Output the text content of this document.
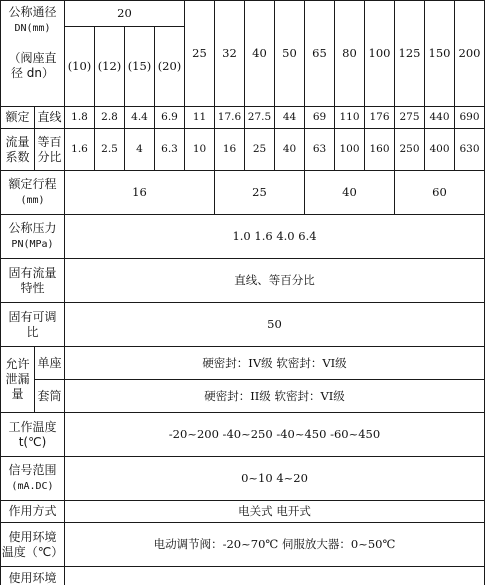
公称通径
DN(mm)

（阀座直
径 dn）		20				25	32	40	50	65	80	100	125	150	200
		(10)	(12)	(15)	(20)										
额定	直线	1.8	2.8	4.4	6.9	11	17.6	27.5	44	69	110	176	275	440	690
流量
系数	等百
分比	1.6	2.5	4	6.3	10	16	25	40	63	100	160	250	400	630
额定行程
(mm)		16					25			40			60		
公称压力
PN(MPa)		1.0 1.6 4.0 6.4													
固有流量
特性		直线、等百分比													
固有可调
比		50													
允许
泄漏
量	单座	硬密封：IV级 软密封：VI级													
	套筒	硬密封：II级 软密封：VI级													
工作温度
t(℃)		-20~200 -40~250 -40~450 -60~450													
信号范围
(mA.DC)		0~10 4~20													
作用方式		电关式 电开式													
使用环境
温度（℃）		电动调节阀：-20~70℃ 伺服放大器：0~50℃													
使用环境															
